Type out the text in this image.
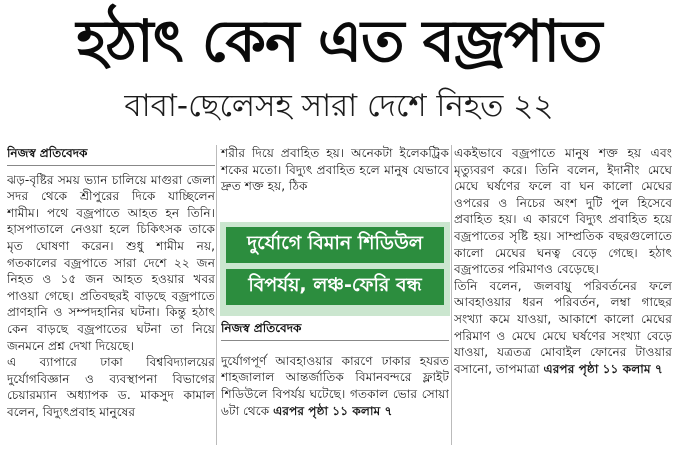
হঠাৎ কেন এত বজ্রপাত
বাবা-ছেলেসহ সারা দেশে নিহত ২২
নিজস্ব প্রতিবেদক

ঝড়-বৃষ্টির সময় ভ্যান চালিয়ে মাগুরা জেলা সদর থেকে শ্রীপুরের দিকে যাচ্ছিলেন শামীম। পথে বজ্রপাতে আহত হন তিনি। হাসপাতালে নেওয়া হলে চিকিৎসক তাকে মৃত ঘোষণা করেন। শুধু শামীম নয়, গতকালের বজ্রপাতে সারা দেশে ২২ জন নিহত ও ১৫ জন আহত হওয়ার খবর পাওয়া গেছে। প্রতিবছরই বাড়ছে বজ্রপাতে প্রাণহানি ও সম্পদহানির ঘটনা। কিন্তু হঠাৎ কেন বাড়ছে বজ্রপাতের ঘটনা তা নিয়ে জনমনে প্রশ্ন দেখা দিয়েছে।

এ ব্যাপারে ঢাকা বিশ্ববিদ্যালয়ের দুর্যোগবিজ্ঞান ও ব্যবস্থাপনা বিভাগের চেয়ারম্যান অধ্যাপক ড. মাকসুদ কামাল বলেন, বিদ্যুৎপ্রবাহ মানুষের

শরীর দিয়ে প্রবাহিত হয়। অনেকটা ইলেকট্রিক শকের মতো। বিদ্যুৎ প্রবাহিত হলে মানুষ যেভাবে দ্রুত শক্ত হয়, ঠিক

দুর্যোগে বিমান শিডিউল
বিপর্যয়, লঞ্চ-ফেরি বন্ধ
নিজস্ব প্রতিবেদক

দুর্যোগপূর্ণ আবহাওয়ার কারণে ঢাকার হযরত শাহজালাল আন্তর্জাতিক বিমানবন্দরে ফ্লাইট শিডিউলে বিপর্যয় ঘটেছে। গতকাল ভোর সোয়া ৬টা থেকে এরপর পৃষ্ঠা ১১ কলাম ৭

একইভাবে বজ্রপাতে মানুষ শক্ত হয় এবং মৃত্যুবরণ করে। তিনি বলেন, ইদানীং মেঘে মেঘে ঘর্ষণের ফলে বা ঘন কালো মেঘের ওপরের ও নিচের অংশ দুটি পুল হিসেবে প্রবাহিত হয়। এ কারণে বিদ্যুৎ প্রবাহিত হয়ে বজ্রপাতের সৃষ্টি হয়। সাম্প্রতিক বছরগুলোতে কালো মেঘের ঘনত্ব বেড়ে গেছে। হঠাৎ বজ্রপাতের পরিমাণও বেড়েছে।

তিনি বলেন, জলবায়ু পরিবর্তনের ফলে আবহাওয়ার ধরন পরিবর্তন, লম্বা গাছের সংখ্যা কমে যাওয়া, আকাশে কালো মেঘের পরিমাণ ও মেঘে মেঘে ঘর্ষণের সংখ্যা বেড়ে যাওয়া, যত্রতত্র মোবাইল ফোনের টাওয়ার বসানো, তাপমাত্রা এরপর পৃষ্ঠা ১১ কলাম ৭
